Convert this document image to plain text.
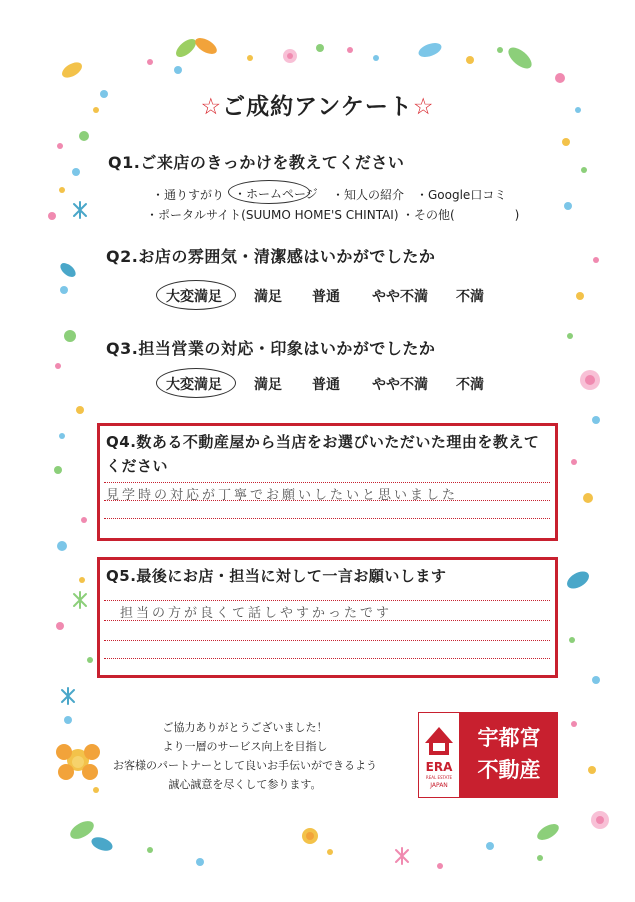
☆ご成約アンケート☆
Q1.ご来店のきっかけを教えてください
・通りすがり ・ホームページ ・知人の紹介 ・Google口コミ
・ポータルサイト(SUUMO HOME'S CHINTAI) ・その他(　　　　　)
Q2.お店の雰囲気・清潔感はいかがでしたか
大変満足 満足 普通 やや不満 不満
Q3.担当営業の対応・印象はいかがでしたか
大変満足 満足 普通 やや不満 不満
Q4.数ある不動産屋から当店をお選びいただいた理由を教えて
ください
見学時の対応が丁寧でお願いしたいと思いました
Q5.最後にお店・担当に対して一言お願いします
担当の方が良くて話しやすかったです
ご協力ありがとうございました！
より一層のサービス向上を目指し
お客様のパートナーとして良いお手伝いができるよう
誠心誠意を尽くして参ります。
ERA
REAL ESTATE
JAPAN
宇都宮
不動産
